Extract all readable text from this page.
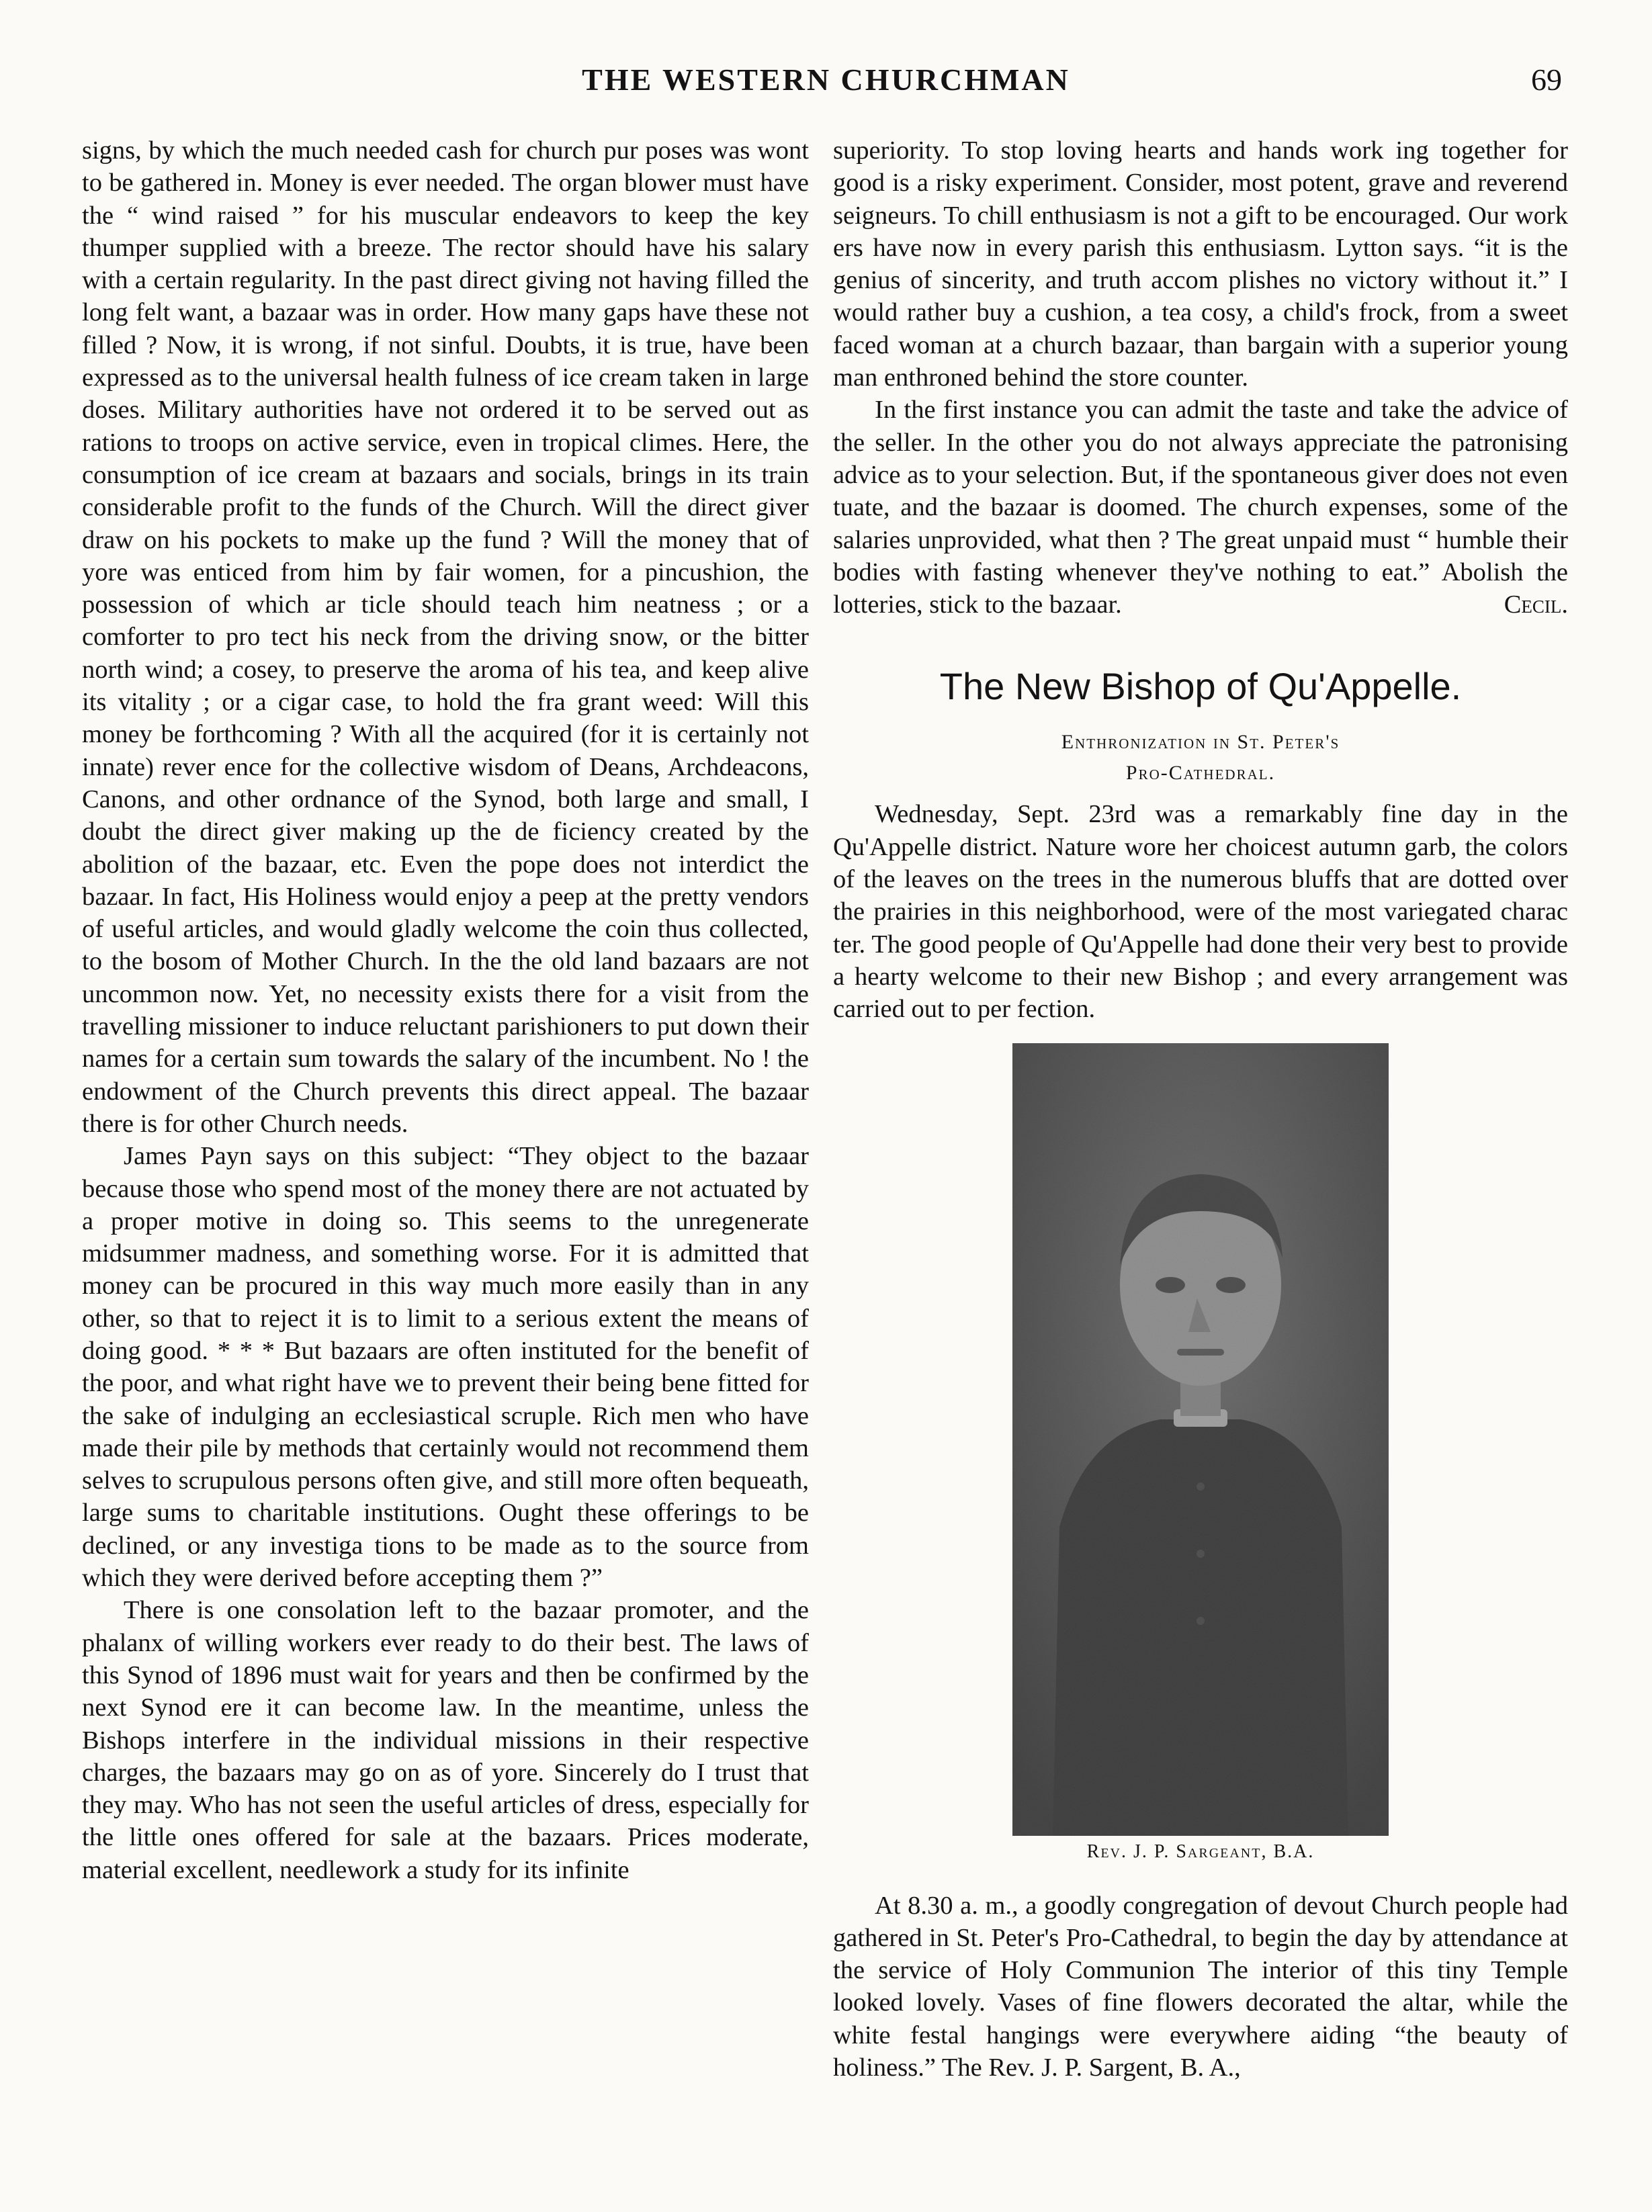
THE WESTERN CHURCHMAN	69

signs, by which the much needed cash for church pur poses was wont to be gathered in. Money is ever needed. The organ blower must have the “ wind raised ” for his muscular endeavors to keep the key thumper supplied with a breeze. The rector should have his salary with a certain regularity. In the past direct giving not having filled the long felt want, a bazaar was in order. How many gaps have these not filled ? Now, it is wrong, if not sinful. Doubts, it is true, have been expressed as to the universal health fulness of ice cream taken in large doses. Military authorities have not ordered it to be served out as rations to troops on active service, even in tropical climes. Here, the consumption of ice cream at bazaars and socials, brings in its train considerable profit to the funds of the Church. Will the direct giver draw on his pockets to make up the fund ? Will the money that of yore was enticed from him by fair women, for a pincushion, the possession of which ar ticle should teach him neatness ; or a comforter to pro tect his neck from the driving snow, or the bitter north wind; a cosey, to preserve the aroma of his tea, and keep alive its vitality ; or a cigar case, to hold the fra grant weed: Will this money be forthcoming ? With all the acquired (for it is certainly not innate) rever ence for the collective wisdom of Deans, Archdeacons, Canons, and other ordnance of the Synod, both large and small, I doubt the direct giver making up the de ficiency created by the abolition of the bazaar, etc. Even the pope does not interdict the bazaar. In fact, His Holiness would enjoy a peep at the pretty vendors of useful articles, and would gladly welcome the coin thus collected, to the bosom of Mother Church. In the the old land bazaars are not uncommon now. Yet, no necessity exists there for a visit from the travelling missioner to induce reluctant parishioners to put down their names for a certain sum towards the salary of the incumbent. No ! the endowment of the Church prevents this direct appeal. The bazaar there is for other Church needs.

James Payn says on this subject: “They object to the bazaar because those who spend most of the money there are not actuated by a proper motive in doing so. This seems to the unregenerate midsummer madness, and something worse. For it is admitted that money can be procured in this way much more easily than in any other, so that to reject it is to limit to a serious extent the means of doing good. * * * But bazaars are often instituted for the benefit of the poor, and what right have we to prevent their being bene fitted for the sake of indulging an ecclesiastical scruple. Rich men who have made their pile by methods that certainly would not recommend them selves to scrupulous persons often give, and still more often bequeath, large sums to charitable institutions. Ought these offerings to be declined, or any investiga tions to be made as to the source from which they were derived before accepting them ?”

There is one consolation left to the bazaar promoter, and the phalanx of willing workers ever ready to do their best. The laws of this Synod of 1896 must wait for years and then be confirmed by the next Synod ere it can become law. In the meantime, unless the Bishops interfere in the individual missions in their respective charges, the bazaars may go on as of yore. Sincerely do I trust that they may. Who has not seen the useful articles of dress, especially for the little ones offered for sale at the bazaars. Prices moderate, material excellent, needlework a study for its infinite

superiority. To stop loving hearts and hands work ing together for good is a risky experiment. Consider, most potent, grave and reverend seigneurs. To chill enthusiasm is not a gift to be encouraged. Our work ers have now in every parish this enthusiasm. Lytton says. “it is the genius of sincerity, and truth accom plishes no victory without it.” I would rather buy a cushion, a tea cosy, a child's frock, from a sweet faced woman at a church bazaar, than bargain with a superior young man enthroned behind the store counter.

In the first instance you can admit the taste and take the advice of the seller. In the other you do not always appreciate the patronising advice as to your selection. But, if the spontaneous giver does not even tuate, and the bazaar is doomed. The church expenses, some of the salaries unprovided, what then ? The great unpaid must “ humble their bodies with fasting whenever they've nothing to eat.” Abolish the lotteries, stick to the bazaar.	Cecil.

The New Bishop of Qu'Appelle.
Enthronization in St. Peter's
Pro-Cathedral.

Wednesday, Sept. 23rd was a remarkably fine day in the Qu'Appelle district. Nature wore her choicest autumn garb, the colors of the leaves on the trees in the numerous bluffs that are dotted over the prairies in this neighborhood, were of the most variegated charac ter. The good people of Qu'Appelle had done their very best to provide a hearty welcome to their new Bishop ; and every arrangement was carried out to per fection.

Rev. J. P. Sargeant, B.A.

At 8.30 a. m., a goodly congregation of devout Church people had gathered in St. Peter's Pro-Cathedral, to begin the day by attendance at the service of Holy Communion The interior of this tiny Temple looked lovely. Vases of fine flowers decorated the altar, while the white festal hangings were everywhere aiding “the beauty of holiness.” The Rev. J. P. Sargent, B. A.,
